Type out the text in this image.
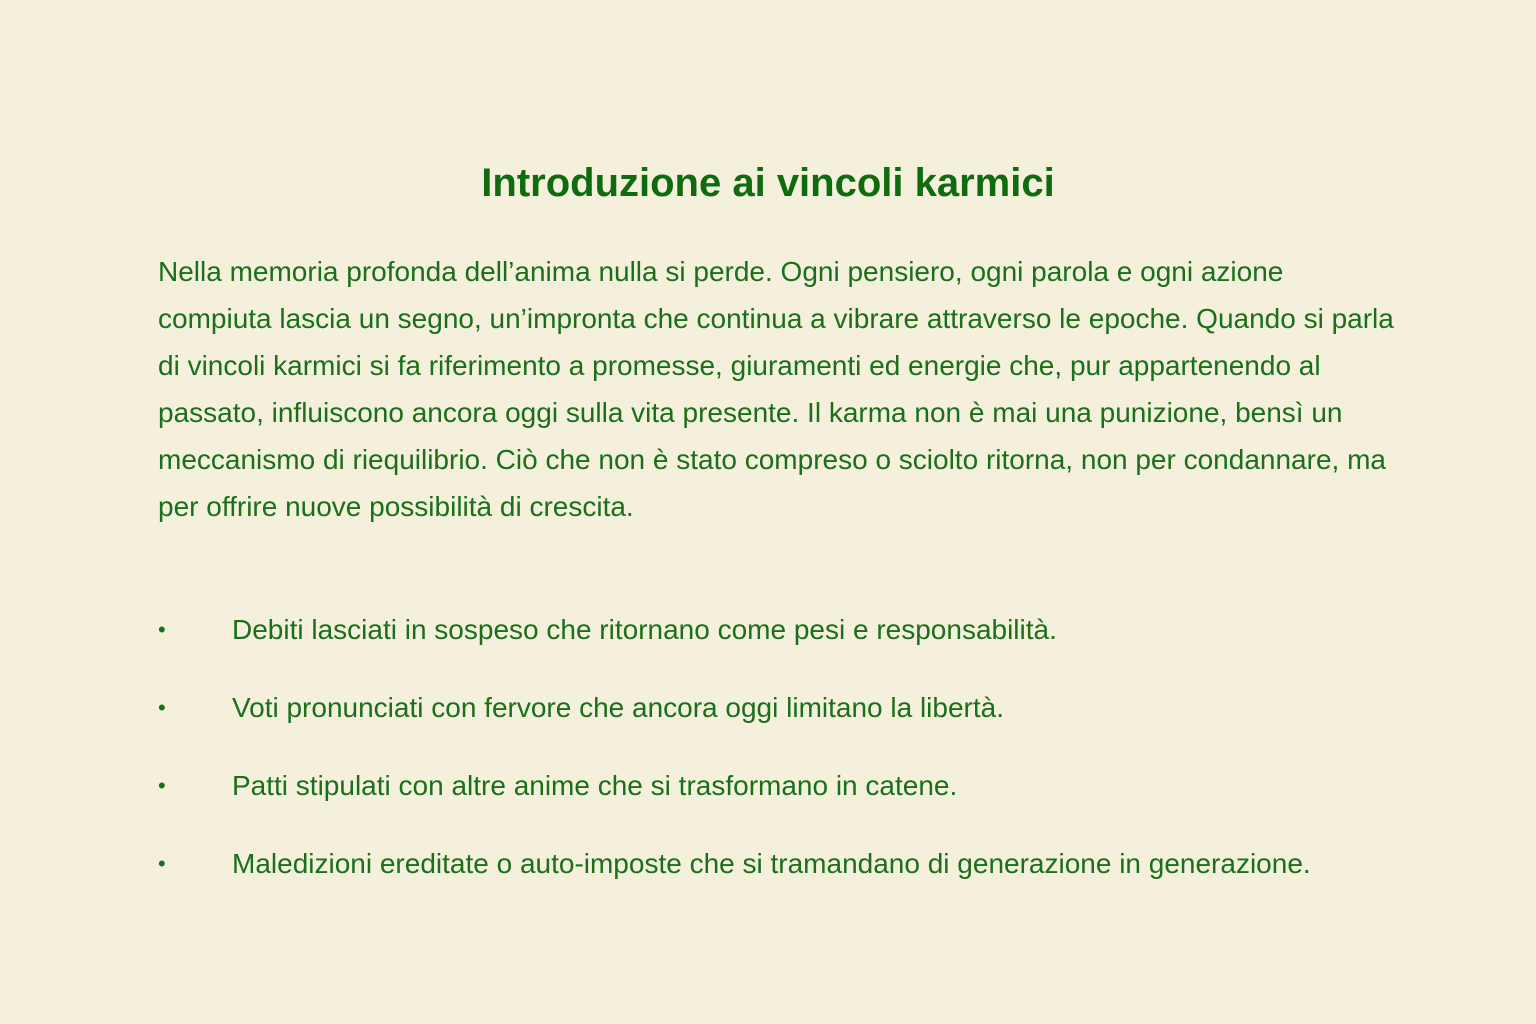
Introduzione ai vincoli karmici

Nella memoria profonda dell’anima nulla si perde. Ogni pensiero, ogni parola e ogni azione compiuta lascia un segno, un’impronta che continua a vibrare attraverso le epoche. Quando si parla di vincoli karmici si fa riferimento a promesse, giuramenti ed energie che, pur appartenendo al passato, influiscono ancora oggi sulla vita presente. Il karma non è mai una punizione, bensì un meccanismo di riequilibrio. Ciò che non è stato compreso o sciolto ritorna, non per condannare, ma per offrire nuove possibilità di crescita.

•	Debiti lasciati in sospeso che ritornano come pesi e responsabilità.
•	Voti pronunciati con fervore che ancora oggi limitano la libertà.
•	Patti stipulati con altre anime che si trasformano in catene.
•	Maledizioni ereditate o auto-imposte che si tramandano di generazione in generazione.
